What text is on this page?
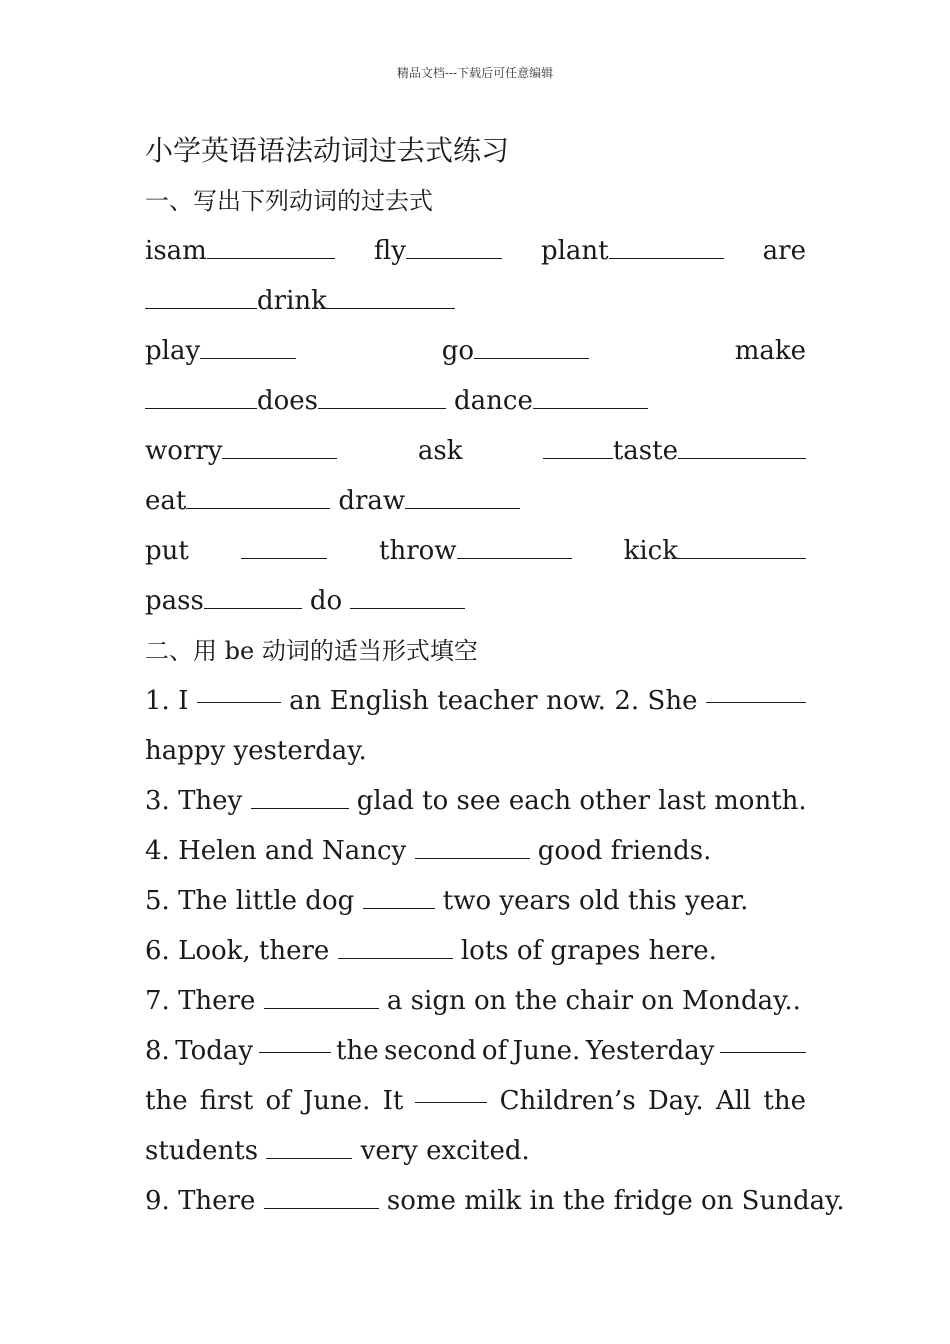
精品文档---下载后可任意编辑
小学英语语法动词过去式练习
一、写出下列动词的过去式
isam	fly	plant	are
drink
play	go	make
does	dance
worry	ask	taste
eat	draw
put	throw	kick
pass	do
二、用 be 动词的适当形式填空
1. I	an English teacher now. 2. She
happy yesterday.
3. They	glad to see each other last month.
4. Helen and Nancy	good friends.
5. The little dog	two years old this year.
6. Look, there	lots of grapes here.
7. There	a sign on the chair on Monday..
8. Today	the second of June. Yesterday
the first of June. It	Children’s Day. All the
students	very excited.
9. There	some milk in the fridge on Sunday.
